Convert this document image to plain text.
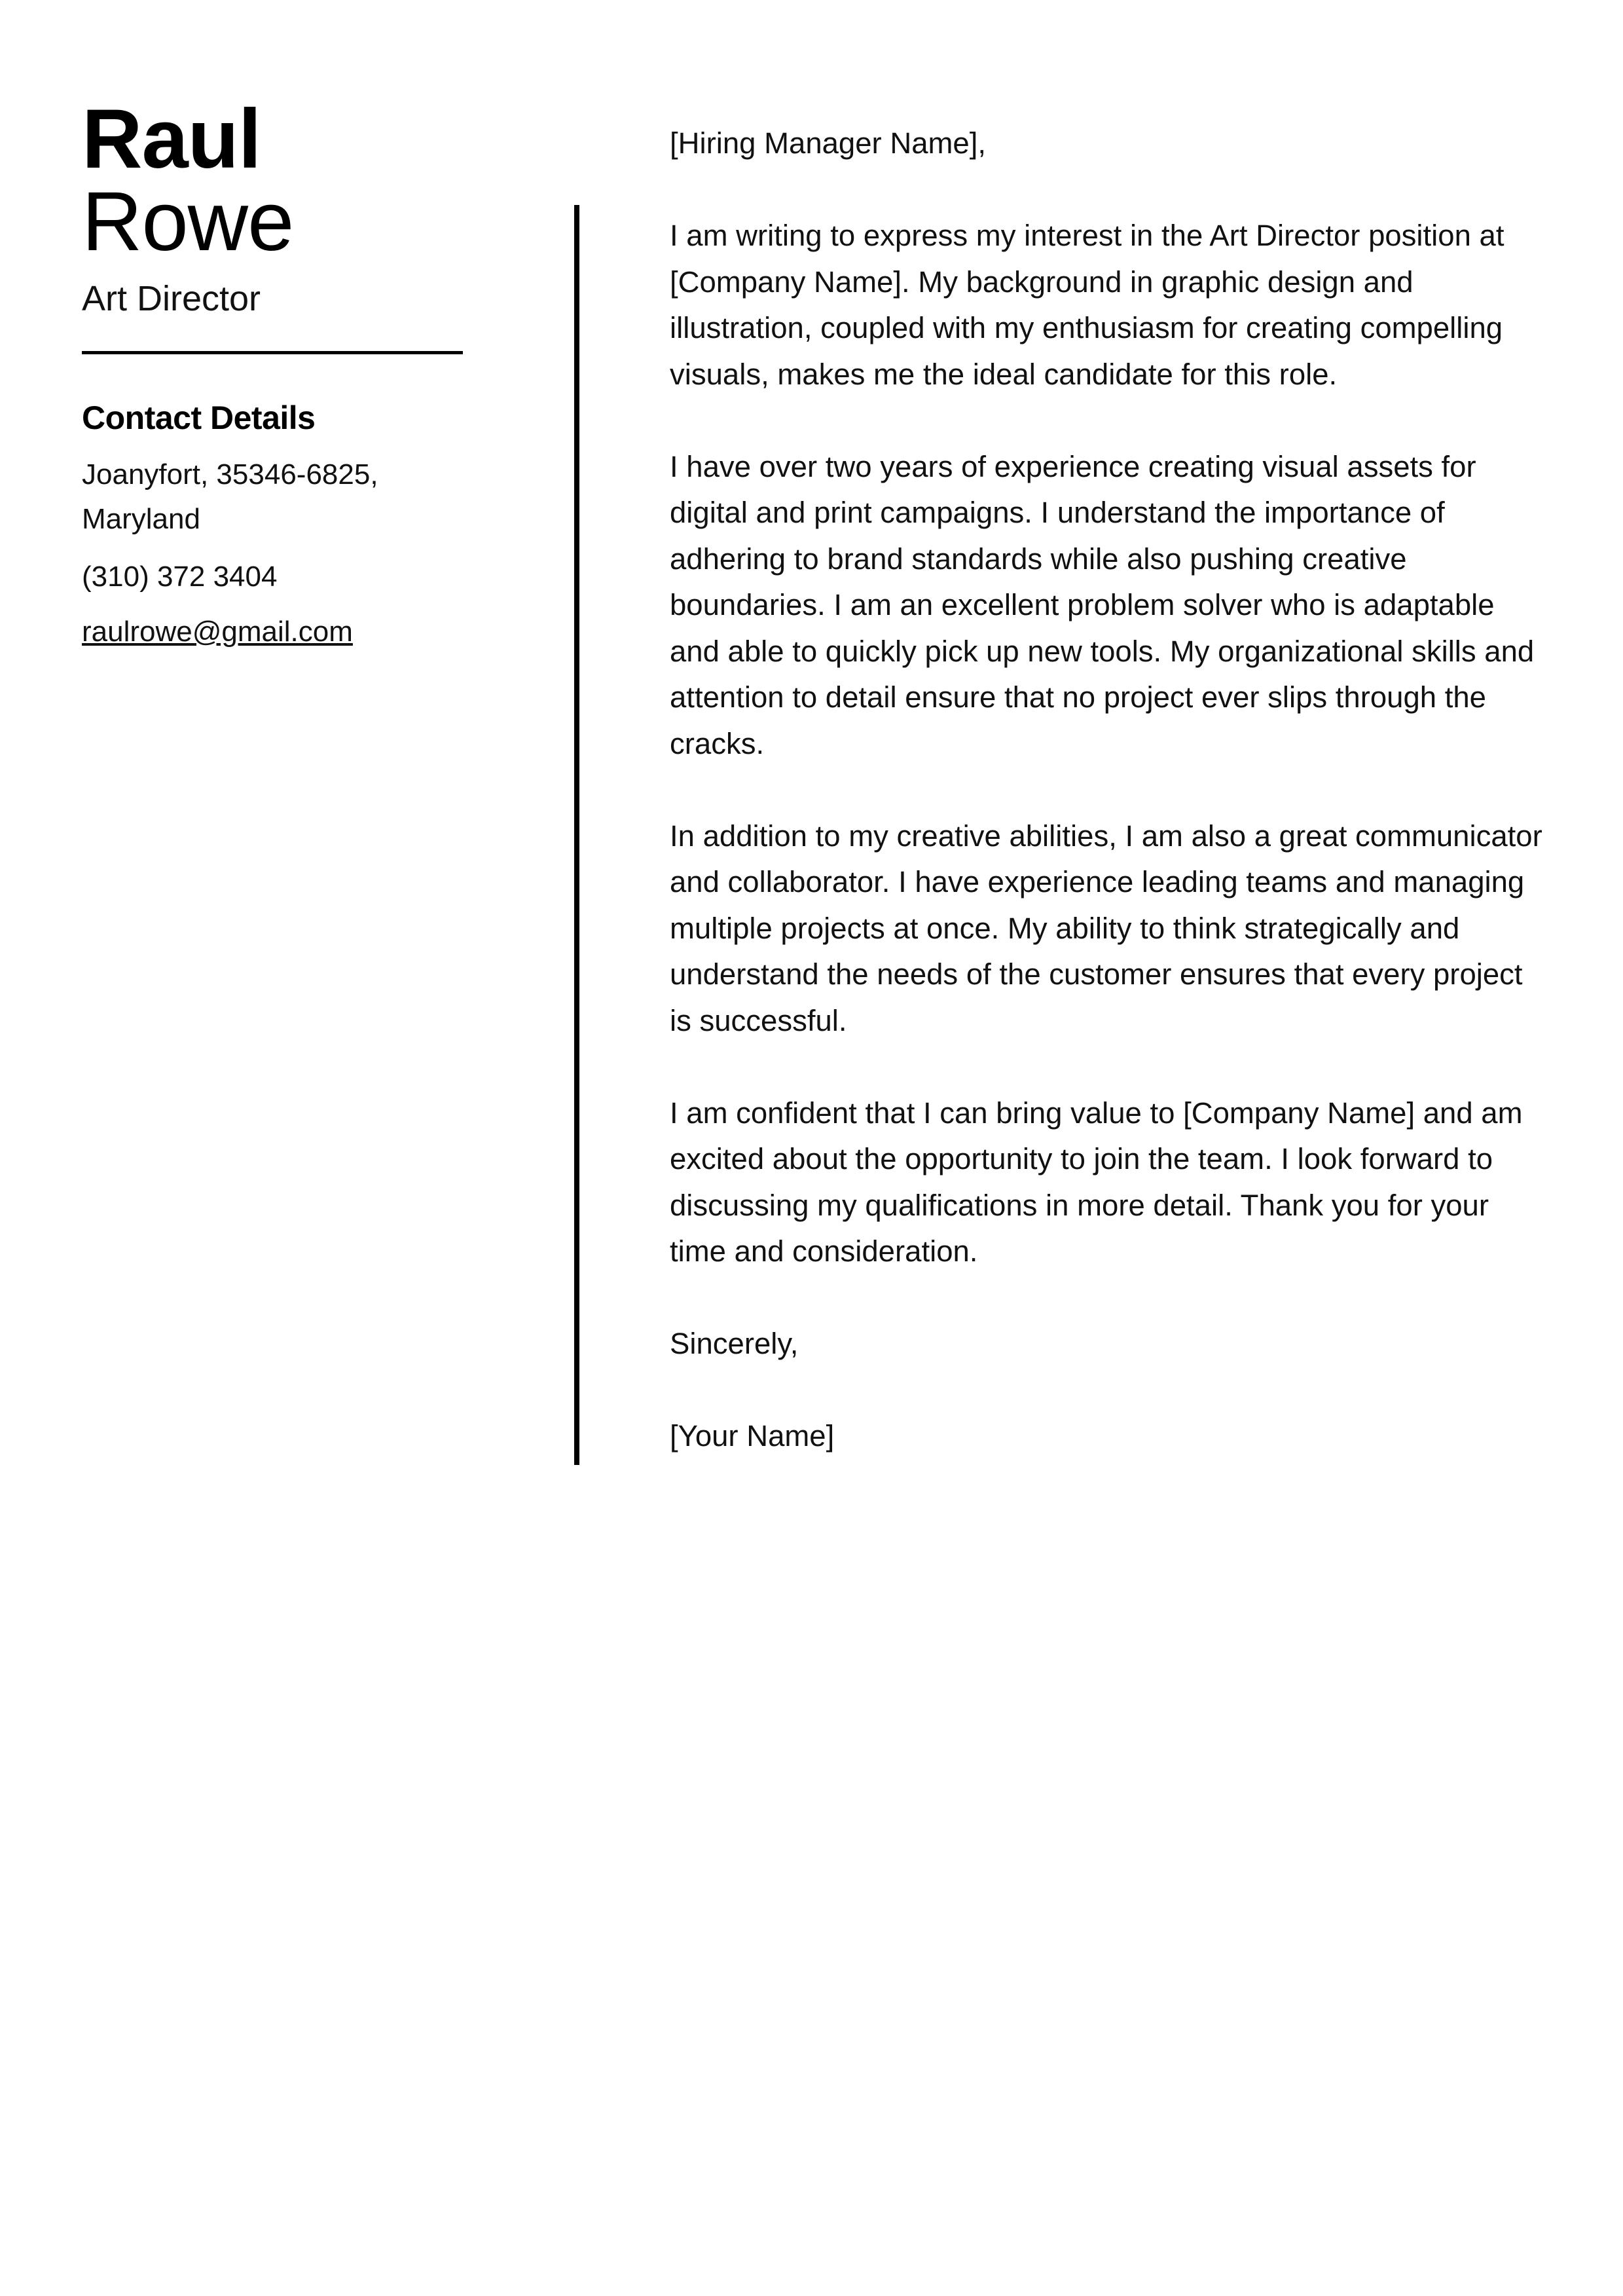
Raul
Rowe
Art Director
Contact Details
Joanyfort, 35346-6825, Maryland
(310) 372 3404
raulrowe@gmail.com

[Hiring Manager Name],

I am writing to express my interest in the Art Director position at [Company Name]. My background in graphic design and illustration, coupled with my enthusiasm for creating compelling visuals, makes me the ideal candidate for this role.

I have over two years of experience creating visual assets for digital and print campaigns. I understand the importance of adhering to brand standards while also pushing creative boundaries. I am an excellent problem solver who is adaptable and able to quickly pick up new tools. My organizational skills and attention to detail ensure that no project ever slips through the cracks.

In addition to my creative abilities, I am also a great communicator and collaborator. I have experience leading teams and managing multiple projects at once. My ability to think strategically and understand the needs of the customer ensures that every project is successful.

I am confident that I can bring value to [Company Name] and am excited about the opportunity to join the team. I look forward to discussing my qualifications in more detail. Thank you for your time and consideration.

Sincerely,

[Your Name]
